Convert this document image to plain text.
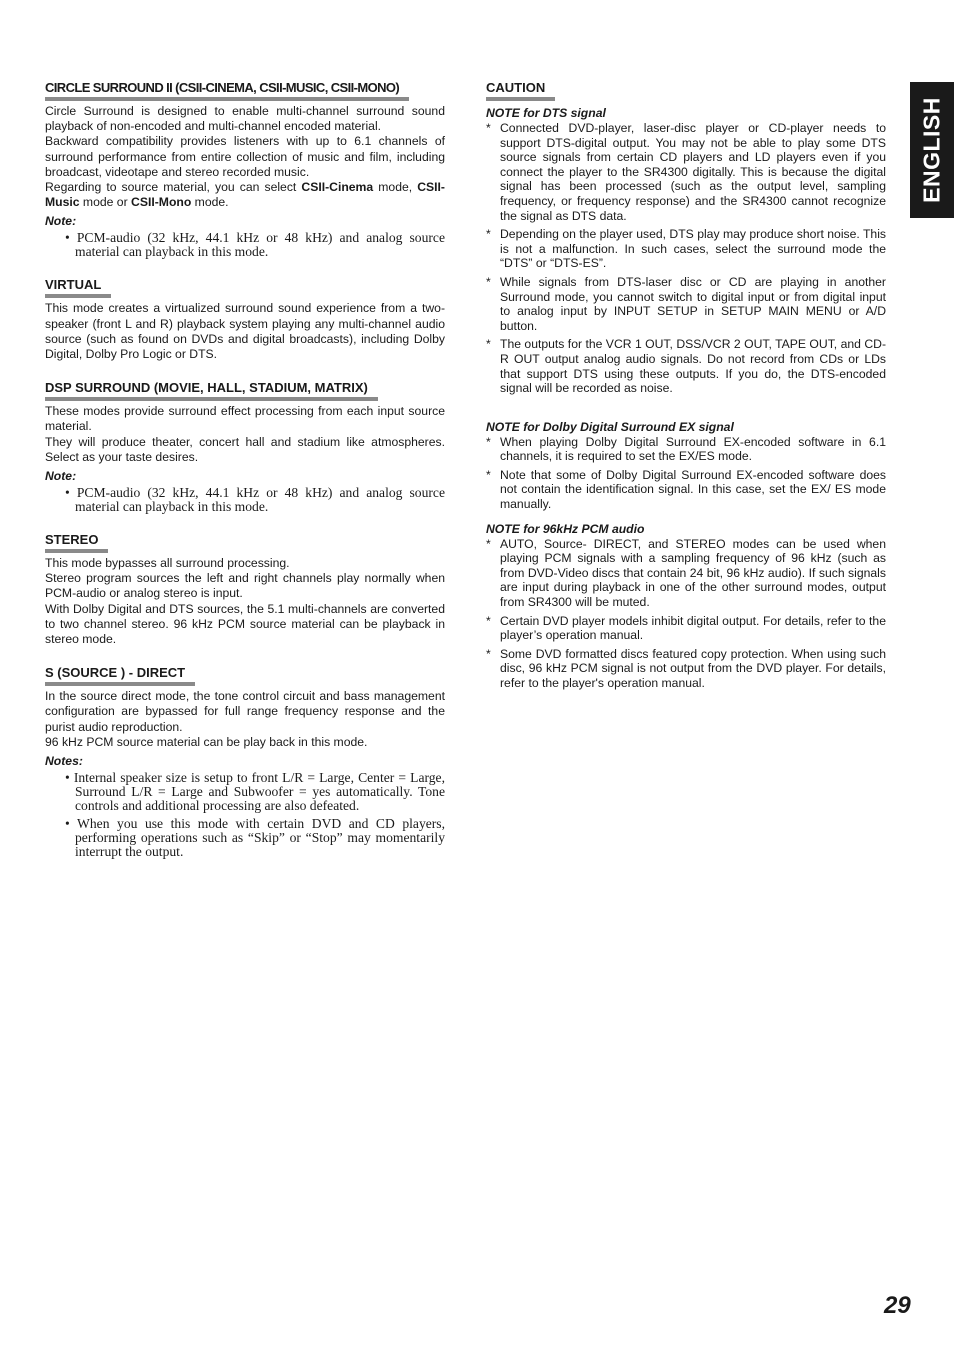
ENGLISH
CIRCLE SURROUND II (CSII-CINEMA, CSII-MUSIC, CSII-MONO)

Circle Surround is designed to enable multi-channel surround sound playback of non-encoded and multi-channel encoded material.

Backward compatibility provides listeners with up to 6.1 channels of surround performance from entire collection of music and film, including broadcast, videotape and stereo recorded music.

Regarding to source material, you can select CSII-Cinema mode, CSII-Music mode or CSII-Mono mode.

Note:

• PCM-audio (32 kHz, 44.1 kHz or 48 kHz) and analog source material can playback in this mode.

VIRTUAL

This mode creates a virtualized surround sound experience from a two-speaker (front L and R) playback system playing any multi-channel audio source (such as found on DVDs and digital broadcasts), including Dolby Digital, Dolby Pro Logic or DTS.

DSP SURROUND (MOVIE, HALL, STADIUM, MATRIX)

These modes provide surround effect processing from each input source material.

They will produce theater, concert hall and stadium like atmospheres. Select as your taste desires.

Note:

• PCM-audio (32 kHz, 44.1 kHz or 48 kHz) and analog source material can playback in this mode.

STEREO

This mode bypasses all surround processing.

Stereo program sources the left and right channels play normally when PCM-audio or analog stereo is input.

With Dolby Digital and DTS sources, the 5.1 multi-channels are converted to two channel stereo. 96 kHz PCM source material can be playback in stereo mode.

S (SOURCE ) - DIRECT

In the source direct mode, the tone control circuit and bass management configuration are bypassed for full range frequency response and the purist audio reproduction.

96 kHz PCM source material can be play back in this mode.

Notes:

• Internal speaker size is setup to front L/R = Large, Center = Large, Surround L/R = Large and Subwoofer = yes automatically. Tone controls and additional processing are also defeated.

• When you use this mode with certain DVD and CD players, performing operations such as “Skip” or “Stop” may momentarily interrupt the output.

CAUTION
NOTE for DTS signal
* Connected DVD-player, laser-disc player or CD-player needs to support DTS-digital output. You may not be able to play some DTS source signals from certain CD players and LD players even if you connect the player to the SR4300 digitally. This is because the digital signal has been processed (such as the output level, sampling frequency, or frequency response) and the SR4300 cannot recognize the signal as DTS data.
* Depending on the player used, DTS play may produce short noise. This is not a malfunction. In such cases, select the surround mode the “DTS” or “DTS-ES”.
* While signals from DTS-laser disc or CD are playing in another Surround mode, you cannot switch to digital input or from digital input to analog input by INPUT SETUP in SETUP MAIN MENU or A/D button.
* The outputs for the VCR 1 OUT, DSS/VCR 2 OUT, TAPE OUT, and CD-R OUT output analog audio signals. Do not record from CDs or LDs that support DTS using these outputs. If you do, the DTS-encoded signal will be recorded as noise.
NOTE for Dolby Digital Surround EX signal
* When playing Dolby Digital Surround EX-encoded software in 6.1 channels, it is required to set the EX/ES mode.
* Note that some of Dolby Digital Surround EX-encoded software does not contain the identification signal. In this case, set the EX/ ES mode manually.
NOTE for 96kHz PCM audio
* AUTO, Source- DIRECT, and STEREO modes can be used when playing PCM signals with a sampling frequency of 96 kHz (such as from DVD-Video discs that contain 24 bit, 96 kHz audio). If such signals are input during playback in one of the other surround modes, output from SR4300 will be muted.
* Certain DVD player models inhibit digital output. For details, refer to the player’s operation manual.
* Some DVD formatted discs featured copy protection. When using such disc, 96 kHz PCM signal is not output from the DVD player. For details, refer to the player's operation manual.
29
